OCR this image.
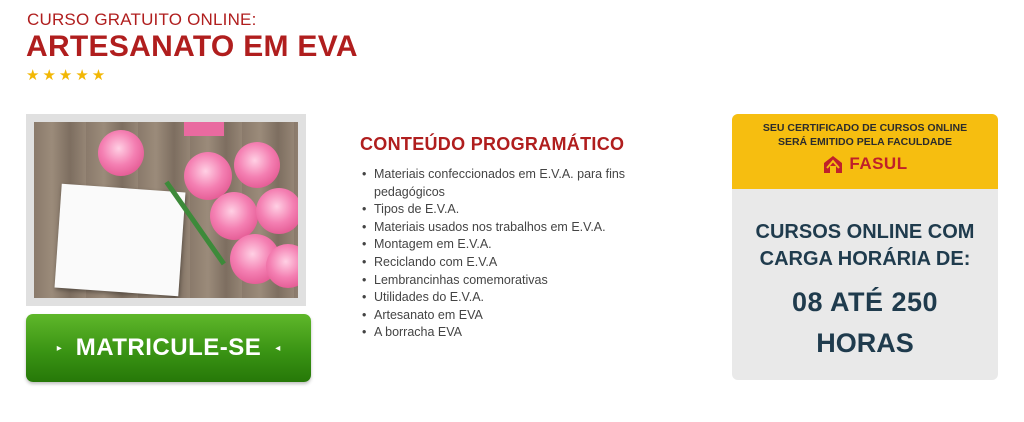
CURSO GRATUITO ONLINE:
ARTESANATO EM EVA
★★★★★
▸ MATRICULE-SE ◂
CONTEÚDO PROGRAMÁTICO
• Materiais confeccionados em E.V.A. para fins pedagógicos
• Tipos de E.V.A.
• Materiais usados nos trabalhos em E.V.A.
• Montagem em E.V.A.
• Reciclando com E.V.A
• Lembrancinhas comemorativas
• Utilidades do E.V.A.
• Artesanato em EVA
• A borracha EVA
SEU CERTIFICADO DE CURSOS ONLINE
SERÁ EMITIDO PELA FACULDADE
FASUL
CURSOS ONLINE COM
CARGA HORÁRIA DE:
08 ATÉ 250
HORAS
